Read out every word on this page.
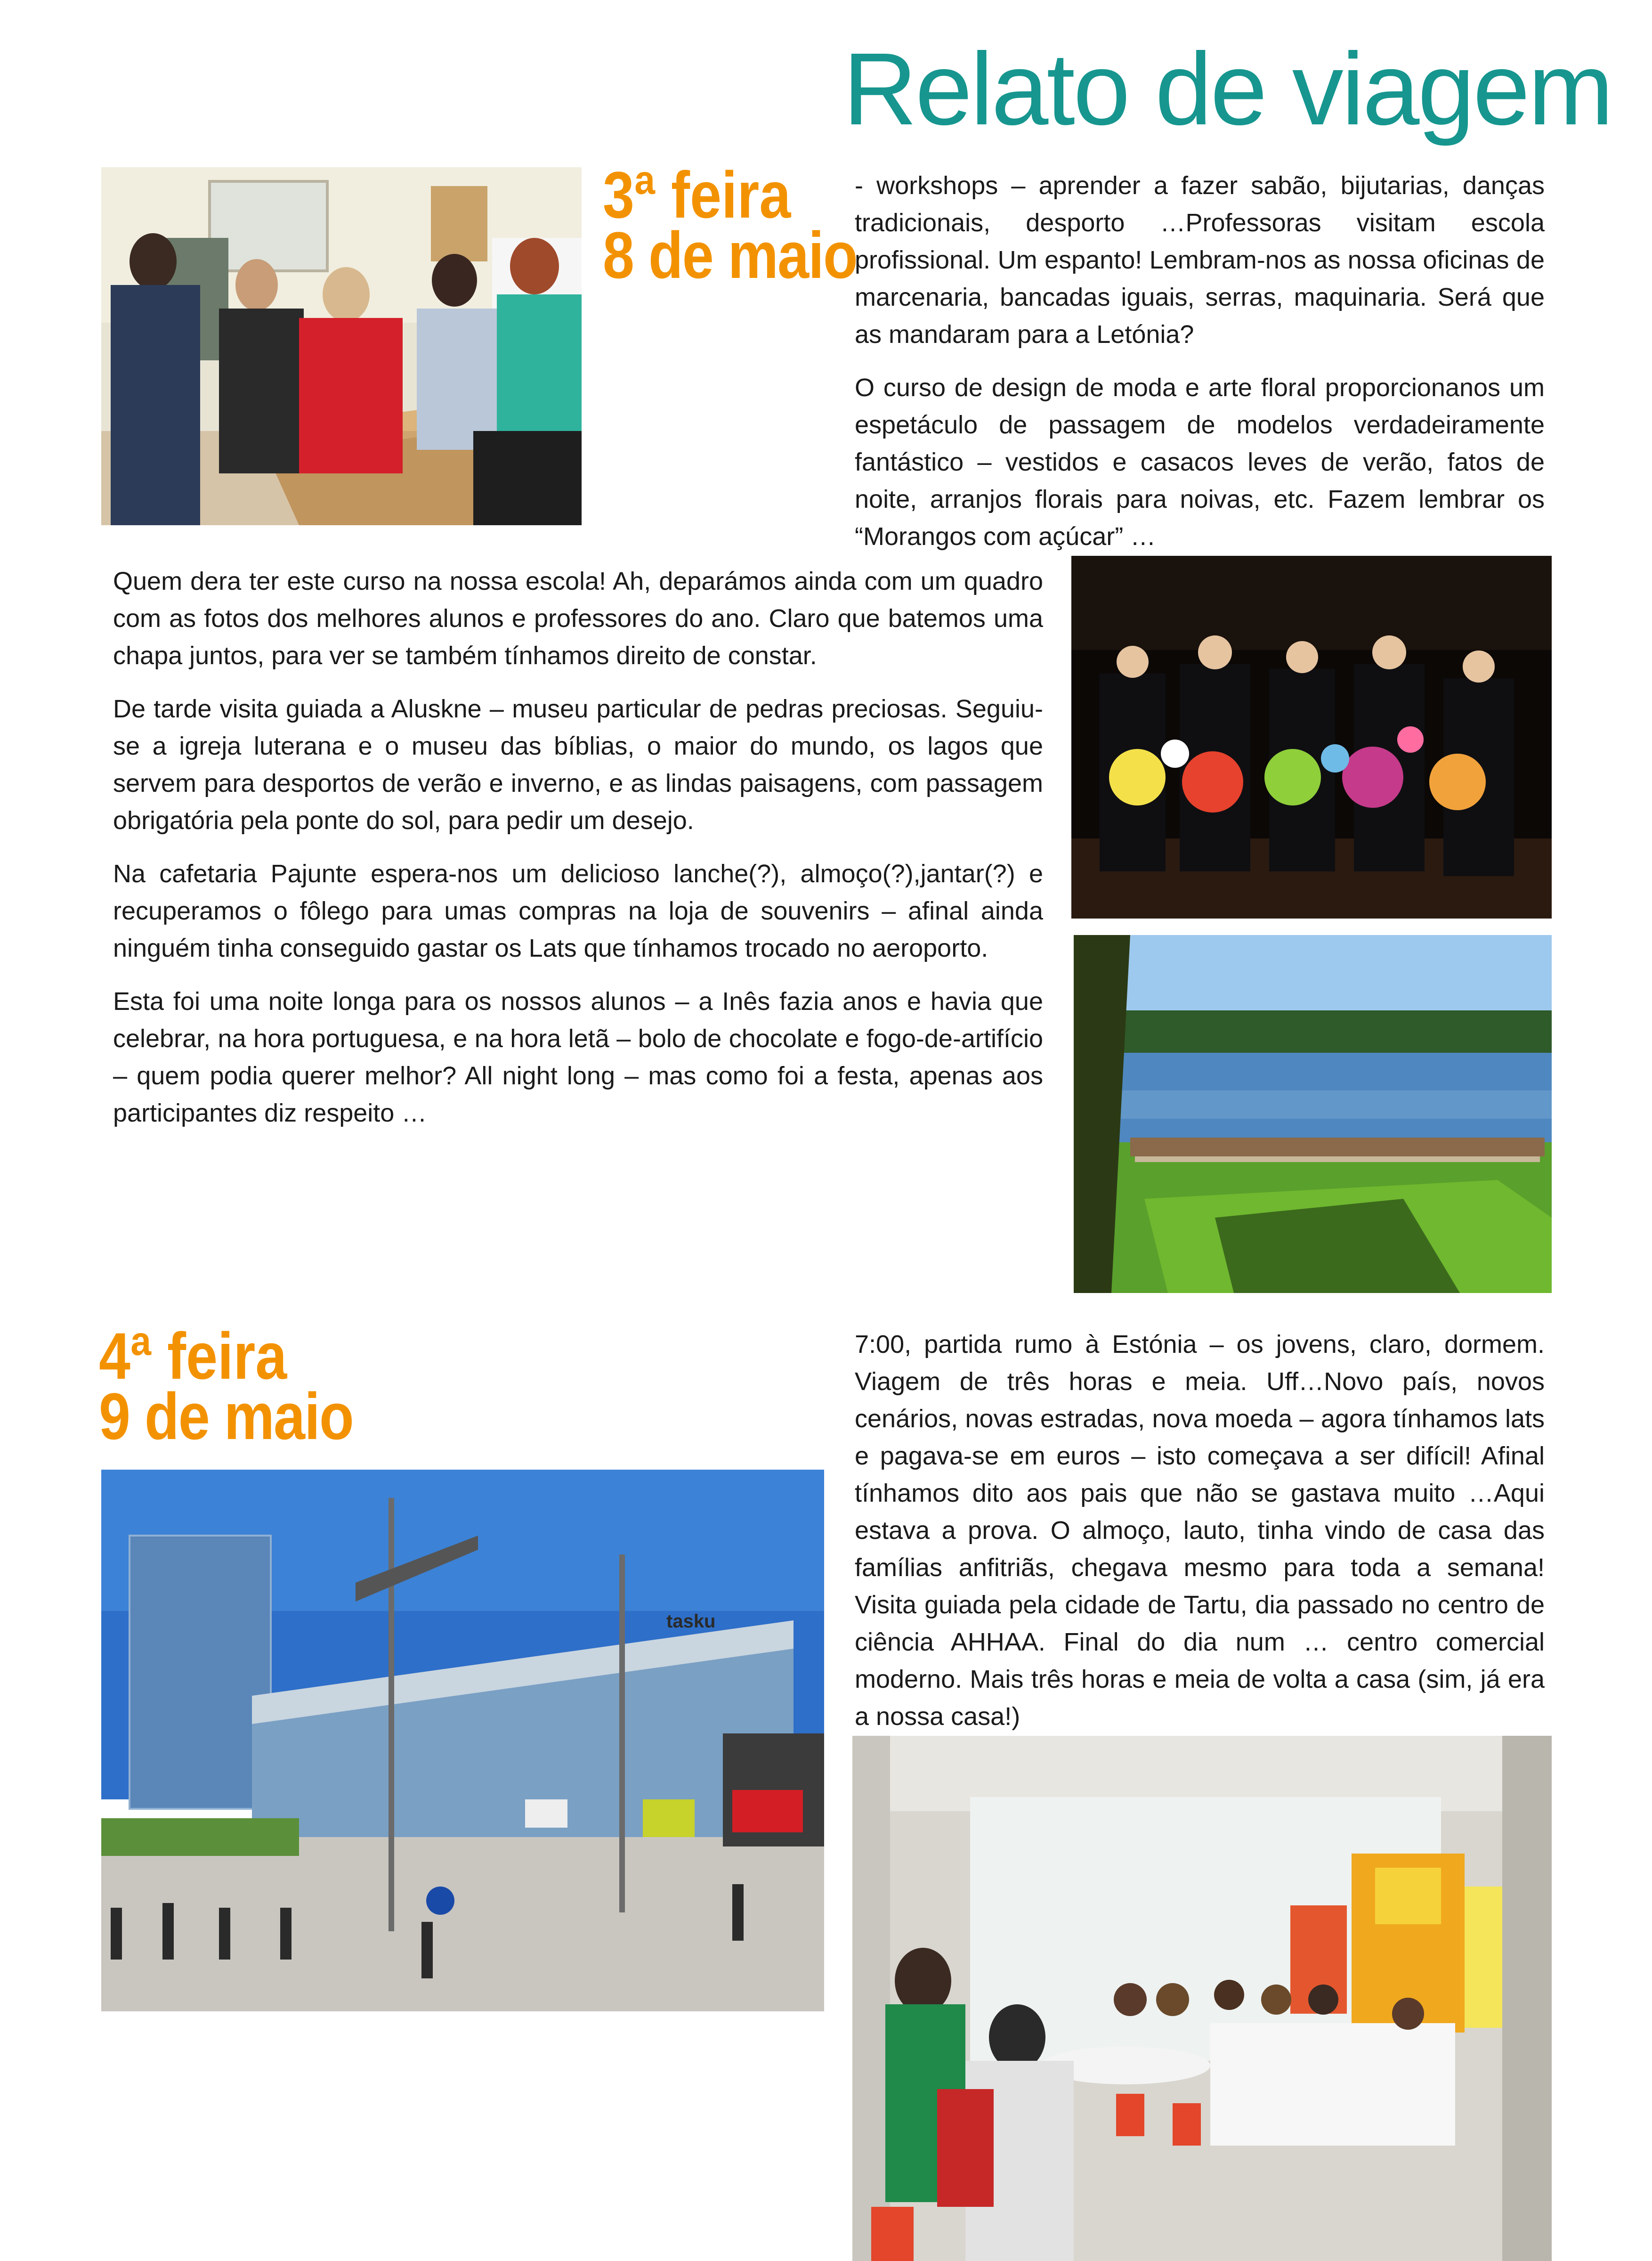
Relato de viagem
3ª feira
8 de maio

- workshops – aprender a fazer sabão, bijutarias, danças tradicionais, desporto …Professoras visitam escola profissional. Um espanto! Lembram-nos as nossa oficinas de marcenaria, bancadas iguais, serras, maquinaria. Será que as mandaram para a Letónia?

O curso de design de moda e arte floral proporcionanos um espetáculo de passagem de modelos verdadeiramente fantástico – vestidos e casacos leves de verão, fatos de noite, arranjos florais para noivas, etc. Fazem lembrar os “Morangos com açúcar” …

Quem dera ter este curso na nossa escola! Ah, deparámos ainda com um quadro com as fotos dos melhores alunos e professores do ano. Claro que batemos uma chapa juntos, para ver se também tínhamos direito de constar.

De tarde visita guiada a Aluskne – museu particular de pedras preciosas. Seguiu-se a igreja luterana e o museu das bíblias, o maior do mundo, os lagos que servem para desportos de verão e inverno, e as lindas paisagens, com passagem obrigatória pela ponte do sol, para pedir um desejo.

Na cafetaria Pajunte espera-nos um delicioso lanche(?), almoço(?),jantar(?) e recuperamos o fôlego para umas compras na loja de souvenirs – afinal ainda ninguém tinha conseguido gastar os Lats que tínhamos trocado no aeroporto.

Esta foi uma noite longa para os nossos alunos – a Inês fazia anos e havia que celebrar, na hora portuguesa, e na hora letã – bolo de chocolate e fogo-de-artifício – quem podia querer melhor? All night long – mas como foi a festa, apenas aos participantes diz respeito …

4ª feira
9 de maio
tasku

7:00, partida rumo à Estónia – os jovens, claro, dormem. Viagem de três horas e meia. Uff…Novo país, novos cenários, novas estradas, nova moeda – agora tínhamos lats e pagava-se em euros – isto começava a ser difícil! Afinal tínhamos dito aos pais que não se gastava muito …Aqui estava a prova. O almoço, lauto, tinha vindo de casa das famílias anfitriãs, chegava mesmo para toda a semana! Visita guiada pela cidade de Tartu, dia passado no centro de ciência AHHAA. Final do dia num … centro comercial moderno. Mais três horas e meia de volta a casa (sim, já era a nossa casa!)
